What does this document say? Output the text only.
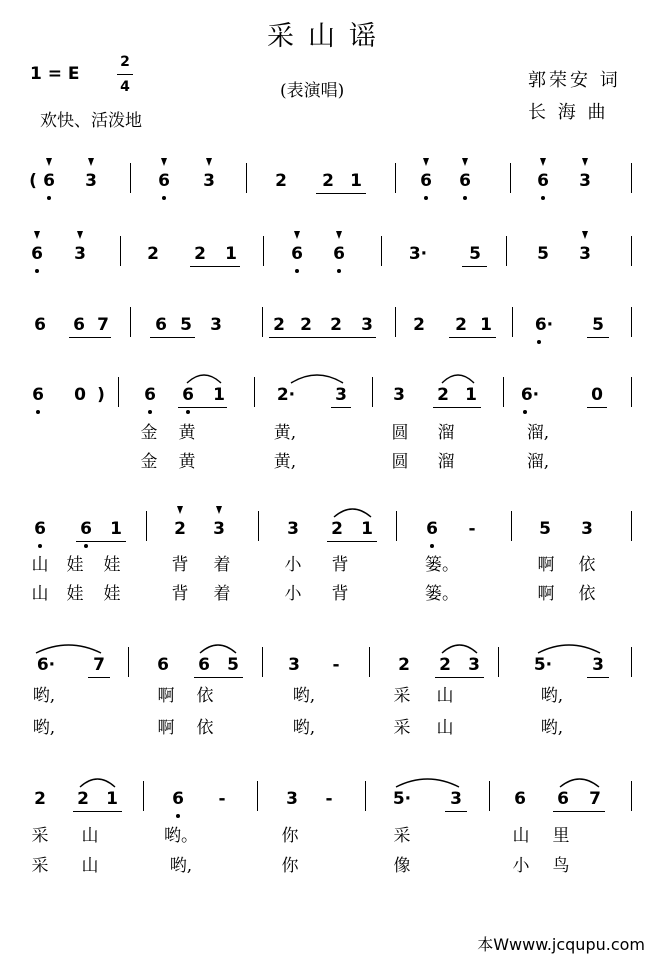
采山谣
1 = E
2
4
欢快、活泼地
(表演唱)	郭荣安 词
长 海 曲
( 6 3	6 3	2 2 1	6 6	6 3
6 3	2 2 1	6 6	3· 5	5 3
6 6 7	6 5 3	2 2 2 3 2 2 1	6· 5
6 0 ) 6 6 1	2· 3	3 2 1	6·	0
金 黄	黄,	圆 溜	溜,
金 黄	黄,	圆 溜	溜,
6 6 1	2 3	3 2 1	6 -	5 3
山 娃 娃	背 着	小 背	篓。	啊 依
山 娃 娃	背 着	小 背	篓。	啊 依
6· 7	6 6 5	3 -	2 2 3	5· 3
哟,	啊 依	哟,	采 山	哟,
哟,	啊 依	哟,	采 山	哟,
2 2 1	6 -	3 -	5· 3	6 6 7
采 山	哟。	你	采	山 里
采 山	哟,	你	像	小 鸟
本Wwww.jcqupu.com
